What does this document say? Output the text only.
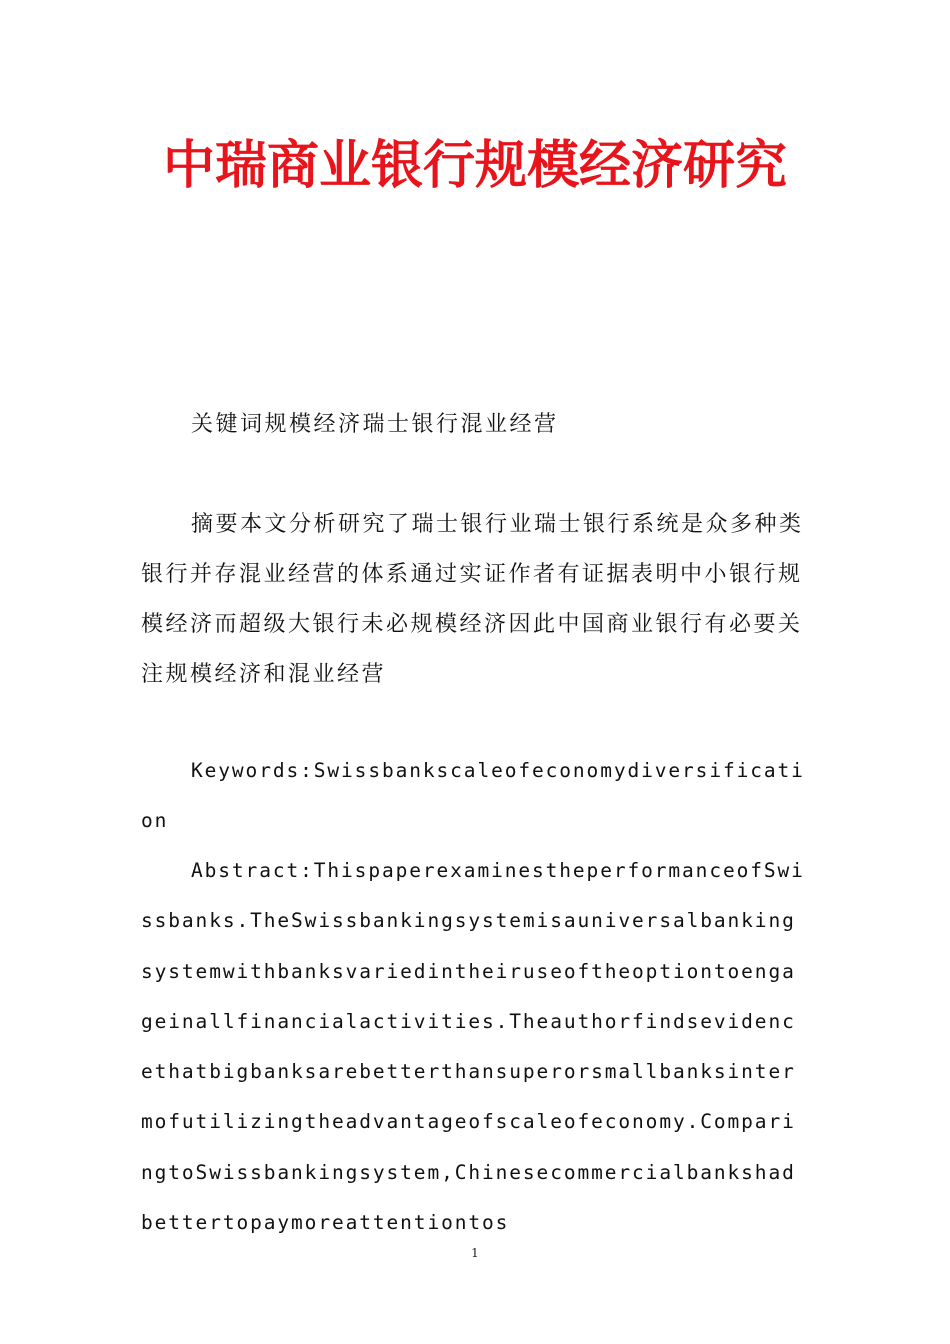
中瑞商业银行规模经济研究

关键词规模经济瑞士银行混业经营

摘要本文分析研究了瑞士银行业瑞士银行系统是众多种类银行并存混业经营的体系通过实证作者有证据表明中小银行规模经济而超级大银行未必规模经济因此中国商业银行有必要关注规模经济和混业经营

Keywords:Swissbankscaleofeconomydiversification

Abstract:ThispaperexaminestheperformanceofSwissbanks.TheSwissbankingsystemisauniversalbankingsystemwithbanksvariedintheiruseoftheoptiontoengageinallfinancialactivities.Theauthorfindsevidencethatbigbanksarebetterthansuperorsmallbanksintermofutilizingtheadvantageofscaleofeconomy.ComparingtoSwissbankingsystem,Chinesecommercialbankshadbettertopaymoreattentiontos

1
